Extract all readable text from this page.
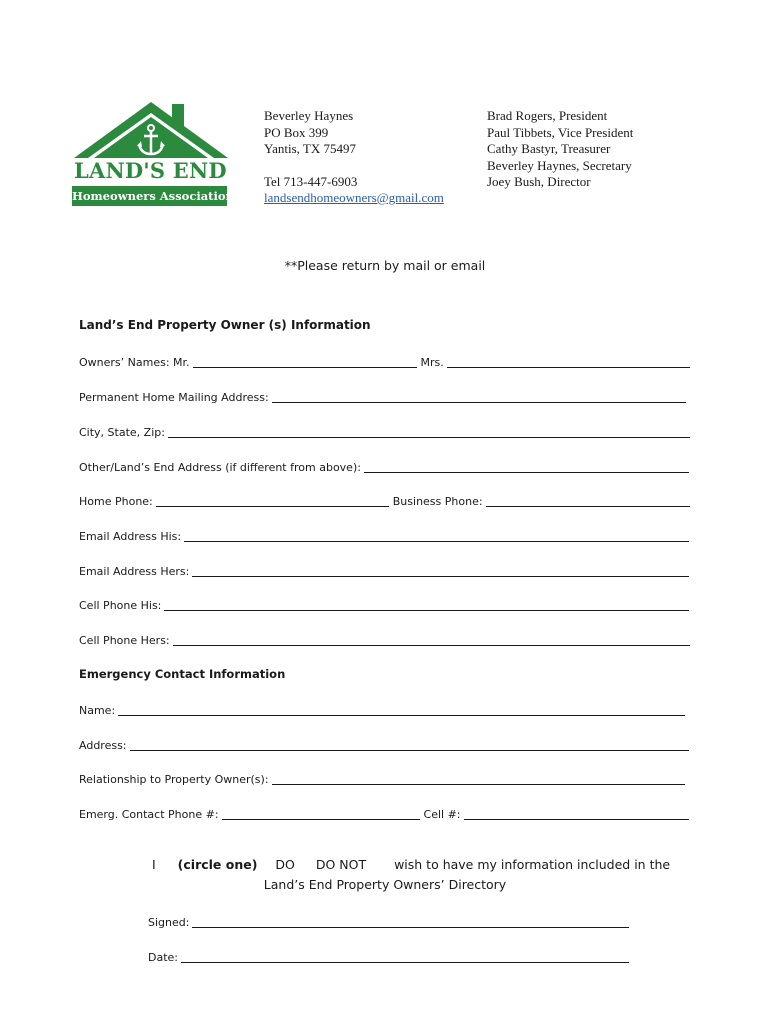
LAND'S END
Homeowners Association
Beverley Haynes
PO Box 399
Yantis, TX 75497
Tel 713-447-6903
landsendhomeowners@gmail.com
Brad Rogers, President
Paul Tibbets, Vice President
Cathy Bastyr, Treasurer
Beverley Haynes, Secretary
Joey Bush, Director
**Please return by mail or email
Land’s End Property Owner (s) Information
Owners’ Names: Mr.	Mrs.
Permanent Home Mailing Address:
City, State, Zip:
Other/Land’s End Address (if different from above):
Home Phone:	Business Phone:
Email Address His:
Email Address Hers:
Cell Phone His:
Cell Phone Hers:
Emergency Contact Information
Name:
Address:
Relationship to Property Owner(s):
Emerg. Contact Phone #:	Cell #:
I (circle one) DO DO NOT wish to have my information included in the
Land’s End Property Owners’ Directory
Signed:
Date:
